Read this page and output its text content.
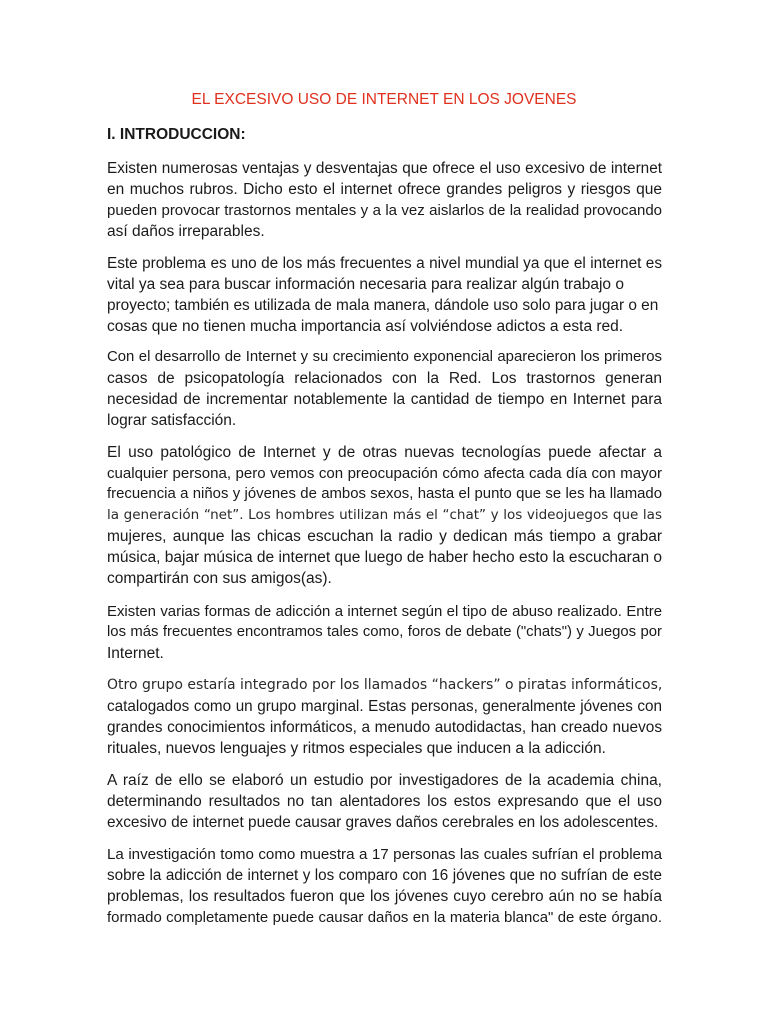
EL EXCESIVO USO DE INTERNET EN LOS JOVENES
I. INTRODUCCION:

Existen numerosas ventajas y desventajas que ofrece el uso excesivo de internet
en muchos rubros. Dicho esto el internet ofrece grandes peligros y riesgos que
pueden provocar trastornos mentales y a la vez aislarlos de la realidad provocando
así daños irreparables.

Este problema es uno de los más frecuentes a nivel mundial ya que el internet es
vital ya sea para buscar información necesaria para realizar algún trabajo o
proyecto; también es utilizada de mala manera, dándole uso solo para jugar o en
cosas que no tienen mucha importancia así volviéndose adictos a esta red.

Con el desarrollo de Internet y su crecimiento exponencial aparecieron los primeros
casos de psicopatología relacionados con la Red. Los trastornos generan
necesidad de incrementar notablemente la cantidad de tiempo en Internet para
lograr satisfacción.

El uso patológico de Internet y de otras nuevas tecnologías puede afectar a
cualquier persona, pero vemos con preocupación cómo afecta cada día con mayor
frecuencia a niños y jóvenes de ambos sexos, hasta el punto que se les ha llamado
la generación “net”. Los hombres utilizan más el “chat” y los videojuegos que las
mujeres, aunque las chicas escuchan la radio y dedican más tiempo a grabar
música, bajar música de internet que luego de haber hecho esto la escucharan o
compartirán con sus amigos(as).

Existen varias formas de adicción a internet según el tipo de abuso realizado. Entre
los más frecuentes encontramos tales como, foros de debate ("chats") y Juegos por
Internet.

Otro grupo estaría integrado por los llamados “hackers” o piratas informáticos,
catalogados como un grupo marginal. Estas personas, generalmente jóvenes con
grandes conocimientos informáticos, a menudo autodidactas, han creado nuevos
rituales, nuevos lenguajes y ritmos especiales que inducen a la adicción.

A raíz de ello se elaboró un estudio por investigadores de la academia china,
determinando resultados no tan alentadores los estos expresando que el uso
excesivo de internet puede causar graves daños cerebrales en los adolescentes.

La investigación tomo como muestra a 17 personas las cuales sufrían el problema
sobre la adicción de internet y los comparo con 16 jóvenes que no sufrían de este
problemas, los resultados fueron que los jóvenes cuyo cerebro aún no se había
formado completamente puede causar daños en la materia blanca" de este órgano.
